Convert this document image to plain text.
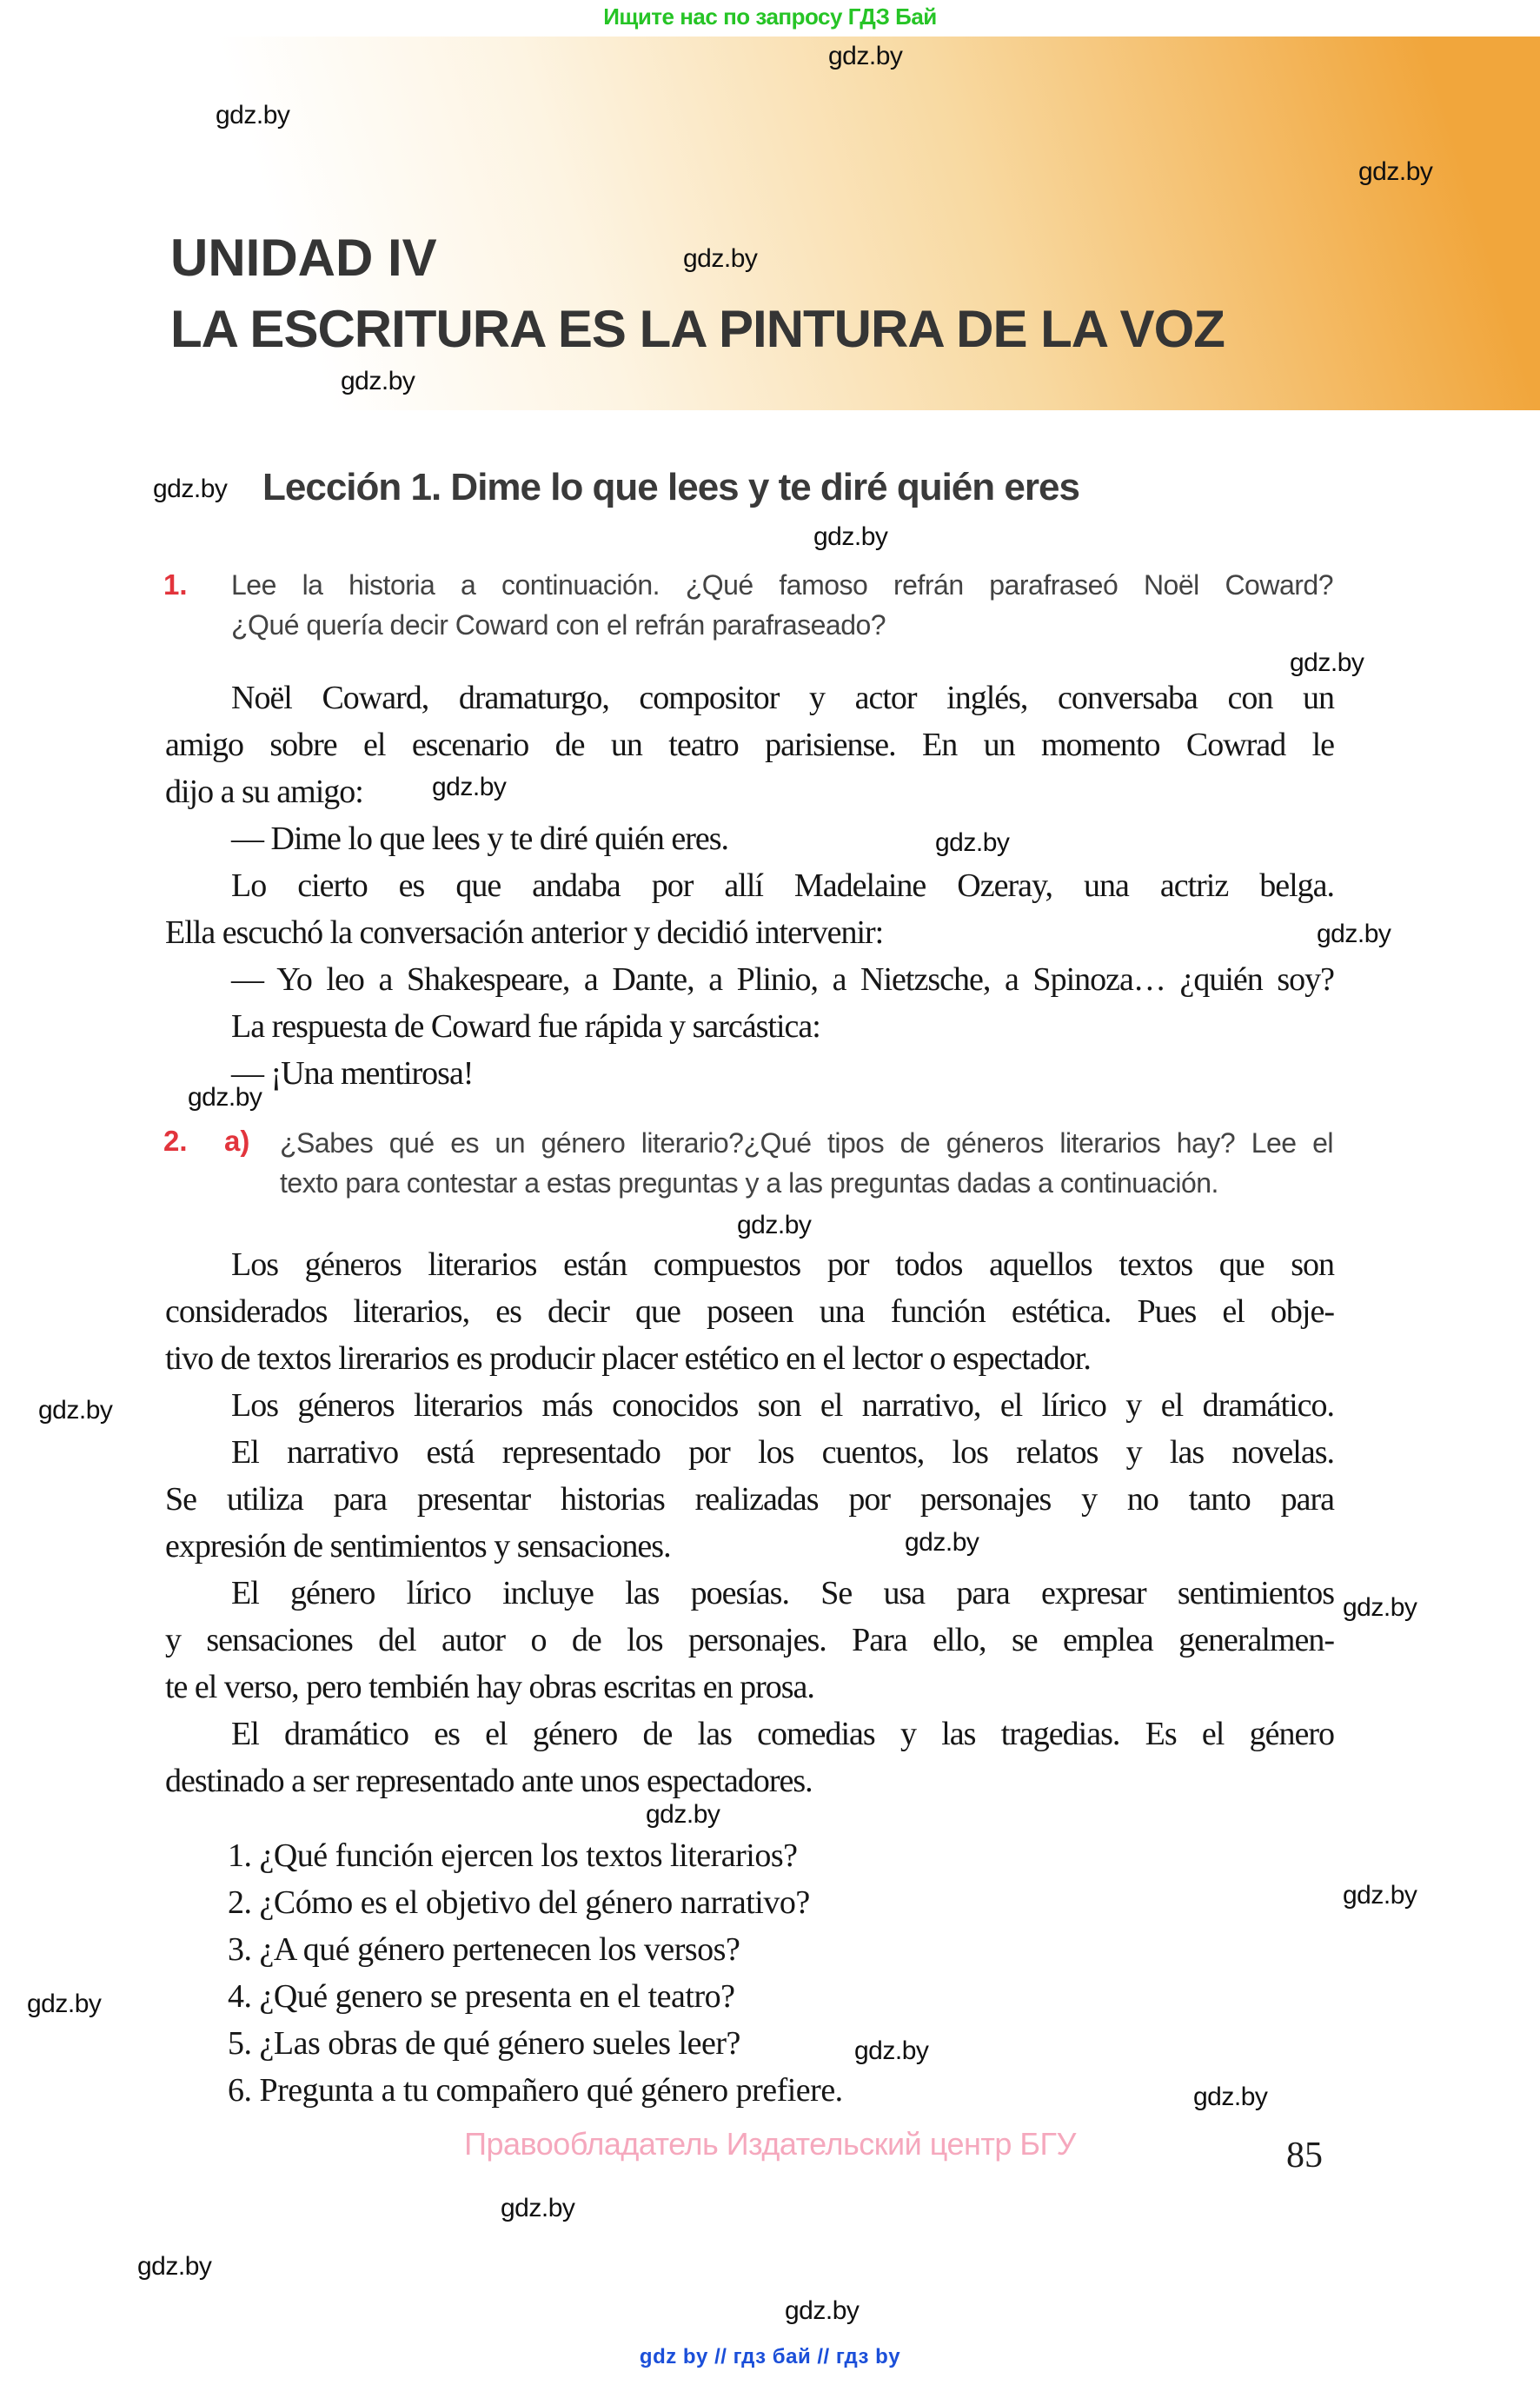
Ищите нас по запросу ГДЗ Бай
UNIDAD IV
LA ESCRITURA ES LA PINTURA DE LA VOZ
Lección 1. Dime lo que lees y te diré quién eres
1. Lee la historia a continuación. ¿Qué famoso refrán parafraseó Noël Coward?
¿Qué quería decir Coward con el refrán parafraseado?
Noël Coward, dramaturgo, compositor y actor inglés, conversaba con un
amigo sobre el escenario de un teatro parisiense. En un momento Cowrad le
dijo a su amigo:
— Dime lo que lees y te diré quién eres.
Lo cierto es que andaba por allí Madelaine Ozeray, una actriz belga.
Ella escuchó la conversación anterior y decidió intervenir:
— Yo leo a Shakespeare, a Dante, a Plinio, a Nietzsche, a Spinoza… ¿quién soy?
La respuesta de Coward fue rápida y sarcástica:
— ¡Una mentirosa!
2. a) ¿Sabes qué es un género literario?¿Qué tipos de géneros literarios hay? Lee el
texto para contestar a estas preguntas y a las preguntas dadas a continuación.
Los géneros literarios están compuestos por todos aquellos textos que son
considerados literarios, es decir que poseen una función estética. Pues el obje-
tivo de textos lirerarios es producir placer estético en el lector o espectador.
Los géneros literarios más conocidos son el narrativo, el lírico y el dramático.
El narrativo está representado por los cuentos, los relatos y las novelas.
Se utiliza para presentar historias realizadas por personajes y no tanto para
expresión de sentimientos y sensaciones.
El género lírico incluye las poesías. Se usa para expresar sentimientos
y sensaciones del autor o de los personajes. Para ello, se emplea generalmen-
te el verso, pero tembién hay obras escritas en prosa.
El dramático es el género de las comedias y las tragedias. Es el género
destinado a ser representado ante unos espectadores.
1. ¿Qué función ejercen los textos literarios?
2. ¿Cómo es el objetivo del género narrativo?
3. ¿A qué género pertenecen los versos?
4. ¿Qué genero se presenta en el teatro?
5. ¿Las obras de qué género sueles leer?
6. Pregunta a tu compañero qué género prefiere.
Правообладатель Издательский центр БГУ	85
gdz by // гдз бай // гдз by
gdz.by
gdz.by
gdz.by
gdz.by
gdz.by
gdz.by
gdz.by
gdz.by
gdz.by
gdz.by
gdz.by
gdz.by
gdz.by
gdz.by
gdz.by
gdz.by
gdz.by
gdz.by
gdz.by
gdz.by
gdz.by
gdz.by
gdz.by
gdz.by
